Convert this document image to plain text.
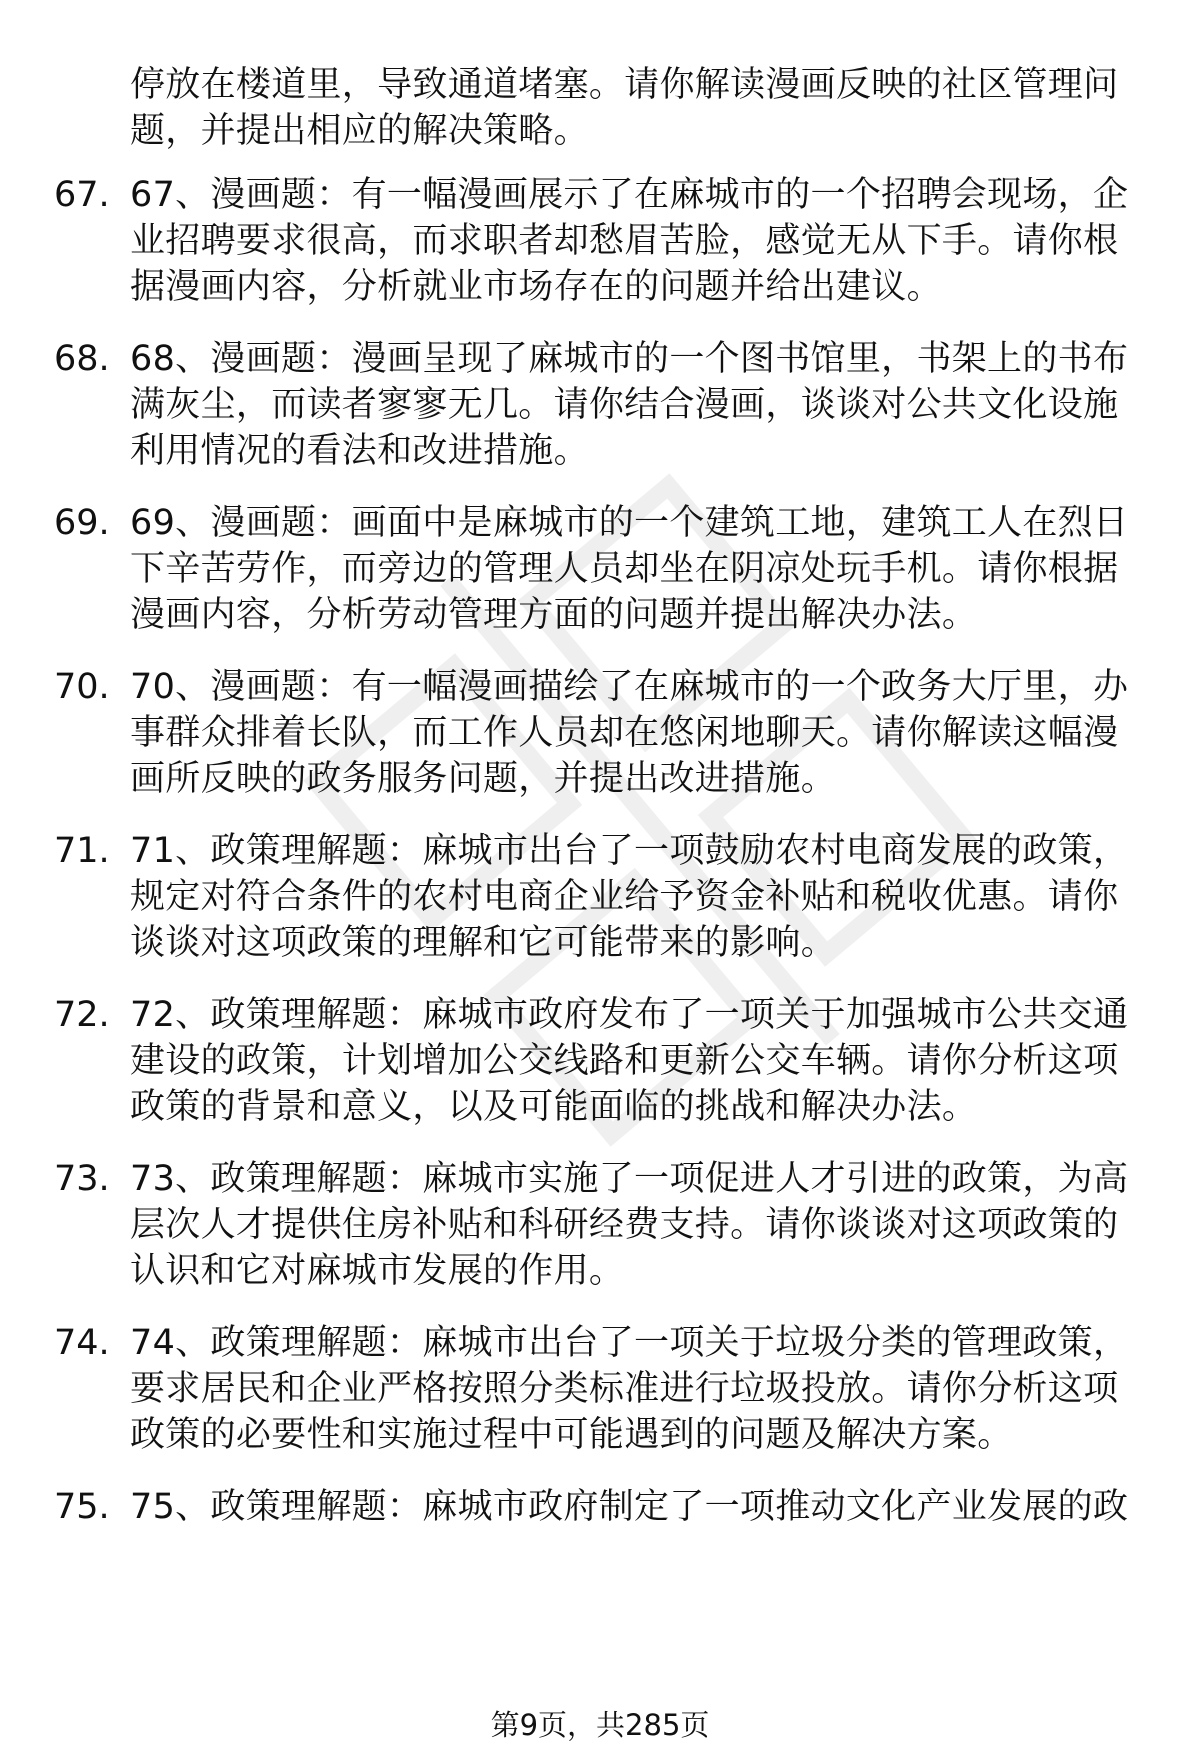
停放在楼道里，导致通道堵塞。请你解读漫画反映的社区管理问题，并提出相应的解决策略。
67. 67、漫画题：有一幅漫画展示了在麻城市的一个招聘会现场，企业招聘要求很高，而求职者却愁眉苦脸，感觉无从下手。请你根据漫画内容，分析就业市场存在的问题并给出建议。
68. 68、漫画题：漫画呈现了麻城市的一个图书馆里，书架上的书布满灰尘，而读者寥寥无几。请你结合漫画，谈谈对公共文化设施利用情况的看法和改进措施。
69. 69、漫画题：画面中是麻城市的一个建筑工地，建筑工人在烈日下辛苦劳作，而旁边的管理人员却坐在阴凉处玩手机。请你根据漫画内容，分析劳动管理方面的问题并提出解决办法。
70. 70、漫画题：有一幅漫画描绘了在麻城市的一个政务大厅里，办事群众排着长队，而工作人员却在悠闲地聊天。请你解读这幅漫画所反映的政务服务问题，并提出改进措施。
71. 71、政策理解题：麻城市出台了一项鼓励农村电商发展的政策，规定对符合条件的农村电商企业给予资金补贴和税收优惠。请你谈谈对这项政策的理解和它可能带来的影响。
72. 72、政策理解题：麻城市政府发布了一项关于加强城市公共交通建设的政策，计划增加公交线路和更新公交车辆。请你分析这项政策的背景和意义，以及可能面临的挑战和解决办法。
73. 73、政策理解题：麻城市实施了一项促进人才引进的政策，为高层次人才提供住房补贴和科研经费支持。请你谈谈对这项政策的认识和它对麻城市发展的作用。
74. 74、政策理解题：麻城市出台了一项关于垃圾分类的管理政策，要求居民和企业严格按照分类标准进行垃圾投放。请你分析这项政策的必要性和实施过程中可能遇到的问题及解决方案。
75. 75、政策理解题：麻城市政府制定了一项推动文化产业发展的政
第9页，共285页
